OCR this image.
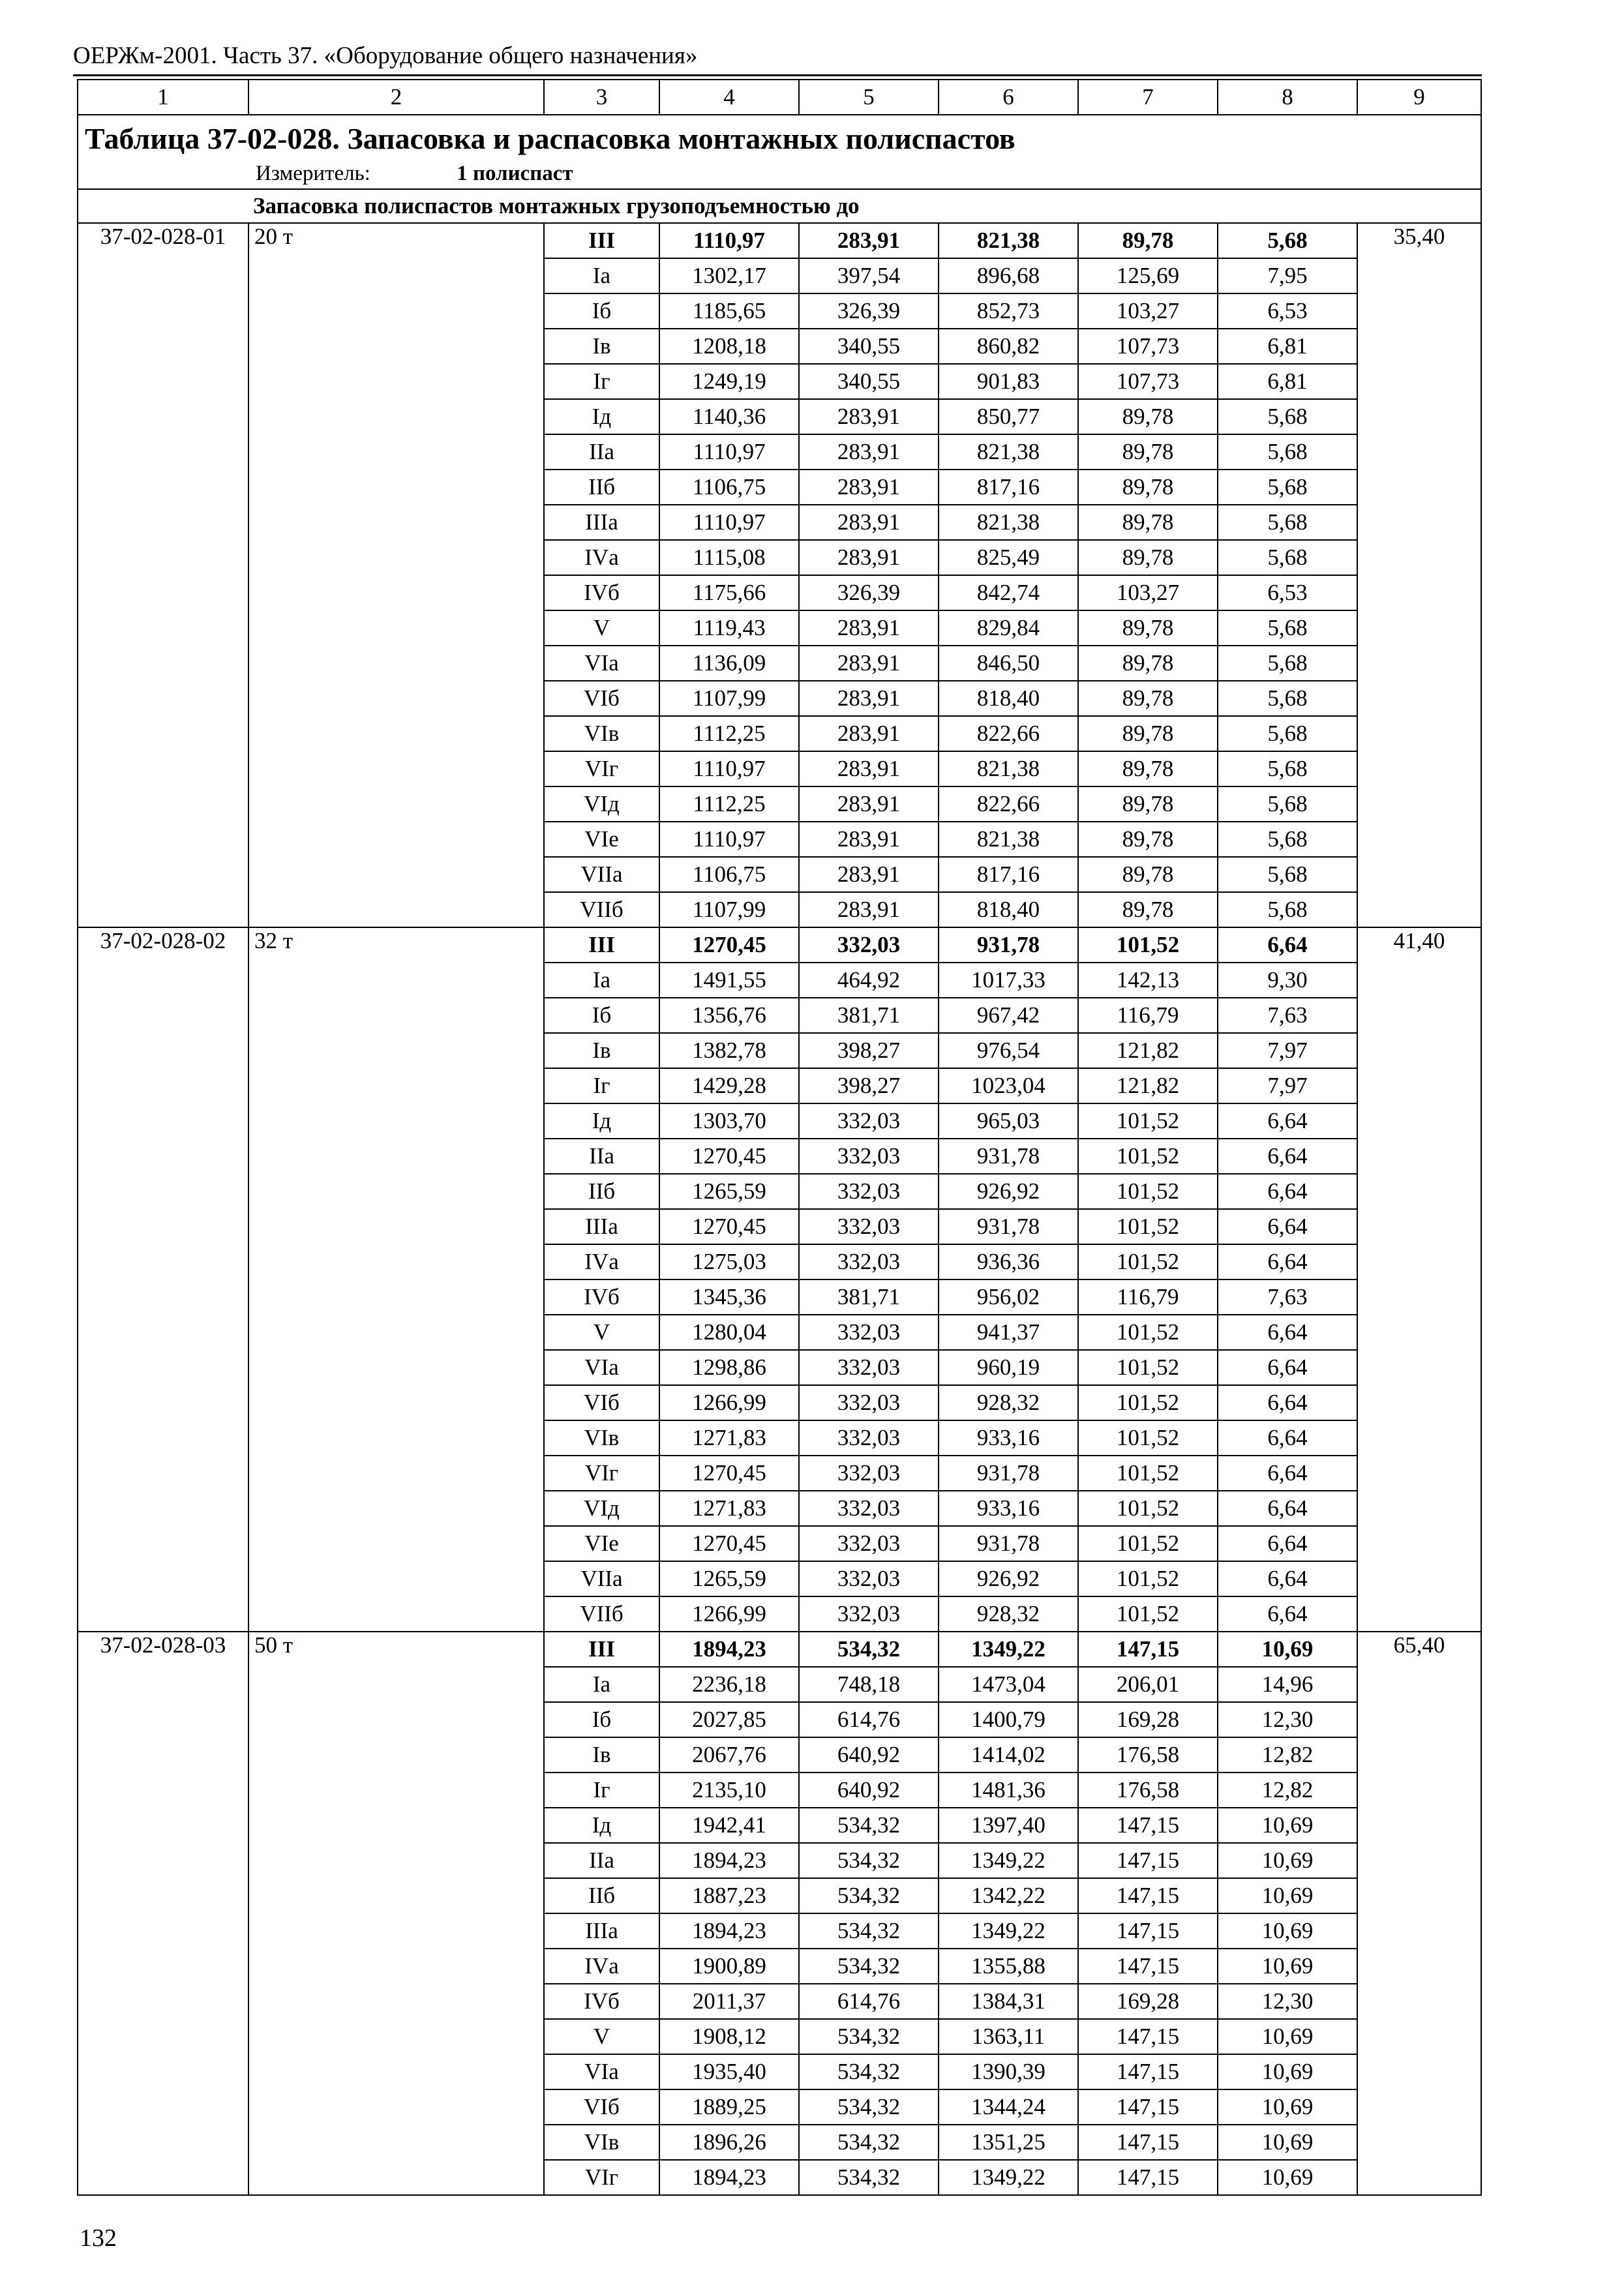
ОЕРЖм-2001. Часть 37. «Оборудование общего назначения»
1	2	3	4	5	6	7	8	9

Таблица 37-02-028. Запасовка и распасовка монтажных полиспастов
Измеритель: 1 полиспаст								

Запасовка полиспастов монтажных грузоподъемностью до								
37-02-028-01	20 т	III	1110,97	283,91	821,38	89,78	5,68	35,40
		Iа	1302,17	397,54	896,68	125,69	7,95	
		Iб	1185,65	326,39	852,73	103,27	6,53	
		Iв	1208,18	340,55	860,82	107,73	6,81	
		Iг	1249,19	340,55	901,83	107,73	6,81	
		Iд	1140,36	283,91	850,77	89,78	5,68	
		IIа	1110,97	283,91	821,38	89,78	5,68	
		IIб	1106,75	283,91	817,16	89,78	5,68	
		IIIа	1110,97	283,91	821,38	89,78	5,68	
		IVа	1115,08	283,91	825,49	89,78	5,68	
		IVб	1175,66	326,39	842,74	103,27	6,53	
		V	1119,43	283,91	829,84	89,78	5,68	
		VIа	1136,09	283,91	846,50	89,78	5,68	
		VIб	1107,99	283,91	818,40	89,78	5,68	
		VIв	1112,25	283,91	822,66	89,78	5,68	
		VIг	1110,97	283,91	821,38	89,78	5,68	
		VIд	1112,25	283,91	822,66	89,78	5,68	
		VIе	1110,97	283,91	821,38	89,78	5,68	
		VIIа	1106,75	283,91	817,16	89,78	5,68	
		VIIб	1107,99	283,91	818,40	89,78	5,68	
37-02-028-02	32 т	III	1270,45	332,03	931,78	101,52	6,64	41,40
		Iа	1491,55	464,92	1017,33	142,13	9,30	
		Iб	1356,76	381,71	967,42	116,79	7,63	
		Iв	1382,78	398,27	976,54	121,82	7,97	
		Iг	1429,28	398,27	1023,04	121,82	7,97	
		Iд	1303,70	332,03	965,03	101,52	6,64	
		IIа	1270,45	332,03	931,78	101,52	6,64	
		IIб	1265,59	332,03	926,92	101,52	6,64	
		IIIа	1270,45	332,03	931,78	101,52	6,64	
		IVа	1275,03	332,03	936,36	101,52	6,64	
		IVб	1345,36	381,71	956,02	116,79	7,63	
		V	1280,04	332,03	941,37	101,52	6,64	
		VIа	1298,86	332,03	960,19	101,52	6,64	
		VIб	1266,99	332,03	928,32	101,52	6,64	
		VIв	1271,83	332,03	933,16	101,52	6,64	
		VIг	1270,45	332,03	931,78	101,52	6,64	
		VIд	1271,83	332,03	933,16	101,52	6,64	
		VIе	1270,45	332,03	931,78	101,52	6,64	
		VIIа	1265,59	332,03	926,92	101,52	6,64	
		VIIб	1266,99	332,03	928,32	101,52	6,64	
37-02-028-03	50 т	III	1894,23	534,32	1349,22	147,15	10,69	65,40
		Iа	2236,18	748,18	1473,04	206,01	14,96	
		Iб	2027,85	614,76	1400,79	169,28	12,30	
		Iв	2067,76	640,92	1414,02	176,58	12,82	
		Iг	2135,10	640,92	1481,36	176,58	12,82	
		Iд	1942,41	534,32	1397,40	147,15	10,69	
		IIа	1894,23	534,32	1349,22	147,15	10,69	
		IIб	1887,23	534,32	1342,22	147,15	10,69	
		IIIа	1894,23	534,32	1349,22	147,15	10,69	
		IVа	1900,89	534,32	1355,88	147,15	10,69	
		IVб	2011,37	614,76	1384,31	169,28	12,30	
		V	1908,12	534,32	1363,11	147,15	10,69	
		VIа	1935,40	534,32	1390,39	147,15	10,69	
		VIб	1889,25	534,32	1344,24	147,15	10,69	
		VIв	1896,26	534,32	1351,25	147,15	10,69	
		VIг	1894,23	534,32	1349,22	147,15	10,69	
132
